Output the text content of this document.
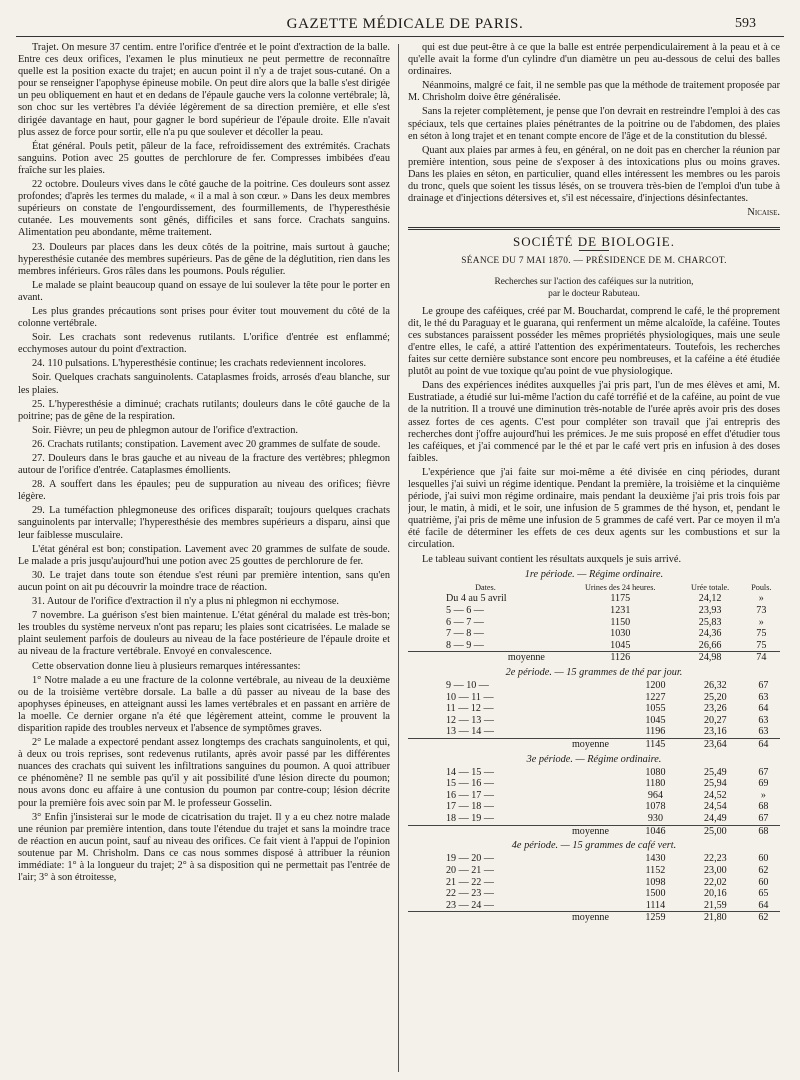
GAZETTE MÉDICALE DE PARIS.	593

Trajet. On mesure 37 centim. entre l'orifice d'entrée et le point d'extraction de la balle. Entre ces deux orifices, l'examen le plus minutieux ne peut permettre de reconnaître quelle est la position exacte du trajet; en aucun point il n'y a de trajet sous-cutané. On a pour se renseigner l'apophyse épineuse mobile. On peut dire alors que la balle s'est dirigée un peu obliquement en haut et en dedans de l'épaule gauche vers la colonne vertébrale; là, son choc sur les vertèbres l'a déviée légèrement de sa direction première, et elle s'est dirigée davantage en haut, pour gagner le bord supérieur de l'épaule droite. Elle n'avait plus assez de force pour sortir, elle n'a pu que soulever et décoller la peau.

État général. Pouls petit, pâleur de la face, refroidissement des extrémités. Crachats sanguins. Potion avec 25 gouttes de perchlorure de fer. Compresses imbibées d'eau fraîche sur les plaies.

22 octobre. Douleurs vives dans le côté gauche de la poitrine. Ces douleurs sont assez profondes; d'après les termes du malade, « il a mal à son cœur. » Dans les deux membres supérieurs on constate de l'engourdissement, des fourmillements, de l'hyperesthésie cutanée. Les mouvements sont gênés, difficiles et sans force. Crachats sanguins. Alimentation peu abondante, même traitement.

23. Douleurs par places dans les deux côtés de la poitrine, mais surtout à gauche; hyperesthésie cutanée des membres supérieurs. Pas de gêne de la déglutition, rien dans les membres inférieurs. Gros râles dans les poumons. Pouls régulier.

Le malade se plaint beaucoup quand on essaye de lui soulever la tête pour le porter en avant.

Les plus grandes précautions sont prises pour éviter tout mouvement du côté de la colonne vertébrale.

Soir. Les crachats sont redevenus rutilants. L'orifice d'entrée est enflammé; ecchymoses autour du point d'extraction.

24. 110 pulsations. L'hyperesthésie continue; les crachats redeviennent incolores.

Soir. Quelques crachats sanguinolents. Cataplasmes froids, arrosés d'eau blanche, sur les plaies.

25. L'hyperesthésie a diminué; crachats rutilants; douleurs dans le côté gauche de la poitrine; pas de gêne de la respiration.

Soir. Fièvre; un peu de phlegmon autour de l'orifice d'extraction.

26. Crachats rutilants; constipation. Lavement avec 20 grammes de sulfate de soude.

27. Douleurs dans le bras gauche et au niveau de la fracture des vertèbres; phlegmon autour de l'orifice d'entrée. Cataplasmes émollients.

28. A souffert dans les épaules; peu de suppuration au niveau des orifices; fièvre légère.

29. La tuméfaction phlegmoneuse des orifices disparaît; toujours quelques crachats sanguinolents par intervalle; l'hyperesthésie des membres supérieurs a disparu, ainsi que leur faiblesse musculaire.

L'état général est bon; constipation. Lavement avec 20 grammes de sulfate de soude. Le malade a pris jusqu'aujourd'hui une potion avec 25 gouttes de perchlorure de fer.

30. Le trajet dans toute son étendue s'est réuni par première intention, sans qu'en aucun point on ait pu découvrir la moindre trace de réaction.

31. Autour de l'orifice d'extraction il n'y a plus ni phlegmon ni ecchymose.

7 novembre. La guérison s'est bien maintenue. L'état général du malade est très-bon; les troubles du système nerveux n'ont pas reparu; les plaies sont cicatrisées. Le malade se plaint seulement parfois de douleurs au niveau de la face postérieure de l'épaule droite et au niveau de la fracture vertébrale. Envoyé en convalescence.

Cette observation donne lieu à plusieurs remarques intéressantes:

1° Notre malade a eu une fracture de la colonne vertébrale, au niveau de la deuxième ou de la troisième vertèbre dorsale. La balle a dû passer au niveau de la base des apophyses épineuses, en atteignant aussi les lames vertébrales et en passant en arrière de la moelle. Ce dernier organe n'a été que légèrement atteint, comme le prouvent la disparition rapide des troubles nerveux et l'absence de symptômes graves.

2° Le malade a expectoré pendant assez longtemps des crachats sanguinolents, et qui, à deux ou trois reprises, sont redevenus rutilants, après avoir passé par les différentes nuances des crachats qui suivent les infiltrations sanguines du poumon. A quoi attribuer ce phénomène? Il ne semble pas qu'il y ait possibilité d'une lésion directe du poumon; nous avons donc eu affaire à une contusion du poumon par contre-coup; lésion décrite pour la première fois avec soin par M. le professeur Gosselin.

3° Enfin j'insisterai sur le mode de cicatrisation du trajet. Il y a eu chez notre malade une réunion par première intention, dans toute l'étendue du trajet et sans la moindre trace de réaction en aucun point, sauf au niveau des orifices. Ce fait vient à l'appui de l'opinion soutenue par M. Chrisholm. Dans ce cas nous sommes disposé à attribuer la réunion immédiate: 1° à la longueur du trajet; 2° à sa disposition qui ne permettait pas l'entrée de l'air; 3° à son étroitesse,

qui est due peut-être à ce que la balle est entrée perpendiculairement à la peau et à ce qu'elle avait la forme d'un cylindre d'un diamètre un peu au-dessous de celui des balles ordinaires.

Néanmoins, malgré ce fait, il ne semble pas que la méthode de traitement proposée par M. Chrisholm doive être généralisée.

Sans la rejeter complètement, je pense que l'on devrait en restreindre l'emploi à des cas spéciaux, tels que certaines plaies pénétrantes de la poitrine ou de l'abdomen, des plaies en séton à long trajet et en tenant compte encore de l'âge et de la constitution du blessé.

Quant aux plaies par armes à feu, en général, on ne doit pas en chercher la réunion par première intention, sous peine de s'exposer à des intoxications plus ou moins graves. Dans les plaies en séton, en particulier, quand elles intéressent les membres ou les parois du tronc, quels que soient les tissus lésés, on se trouvera très-bien de l'emploi d'un tube à drainage et d'injections détersives et, s'il est nécessaire, d'injections désinfectantes.

Nicaise.
SOCIÉTÉ DE BIOLOGIE.
SÉANCE DU 7 MAI 1870. — PRÉSIDENCE DE M. CHARCOT.
Recherches sur l'action des caféiques sur la nutrition,
par le docteur Rabuteau.

Le groupe des caféiques, créé par M. Bouchardat, comprend le café, le thé proprement dit, le thé du Paraguay et le guarana, qui renferment un même alcaloïde, la caféine. Toutes ces substances paraissent posséder les mêmes propriétés physiologiques, mais une seule d'entre elles, le café, a attiré l'attention des expérimentateurs. Toutefois, les recherches faites sur cette dernière substance sont encore peu nombreuses, et la caféine a été étudiée plutôt au point de vue toxique qu'au point de vue physiologique.

Dans des expériences inédites auxquelles j'ai pris part, l'un de mes élèves et ami, M. Eustratiade, a étudié sur lui-même l'action du café torréfié et de la caféine, au point de vue de la nutrition. Il a trouvé une diminution très-notable de l'urée après avoir pris des doses assez fortes de ces agents. C'est pour compléter son travail que j'ai entrepris des recherches dont j'offre aujourd'hui les prémices. Je me suis proposé en effet d'étudier tous les caféiques, et j'ai commencé par le thé et par le café vert pris en infusion à des doses faibles.

L'expérience que j'ai faite sur moi-même a été divisée en cinq périodes, durant lesquelles j'ai suivi un régime identique. Pendant la première, la troisième et la cinquième période, j'ai suivi mon régime ordinaire, mais pendant la deuxième j'ai pris trois fois par jour, le matin, à midi, et le soir, une infusion de 5 grammes de thé hyson, et, pendant le quatrième, j'ai pris de même une infusion de 5 grammes de café vert. Par ce moyen il m'a été facile de déterminer les effets de ces deux agents sur les combustions et sur la circulation.

Le tableau suivant contient les résultats auxquels je suis arrivé.

1re période. — Régime ordinaire.
Dates.	Urines des 24 heures.	Urée totale.	Pouls.
Du 4 au 5 avril	1175	24,12	»
5 — 6 —	1231	23,93	73
6 — 7 —	1150	25,83	»
7 — 8 —	1030	24,36	75
8 — 9 —	1045	26,66	75
moyenne	1126	24,98	74
2e période. — 15 grammes de thé par jour.
9 — 10 —	1200	26,32	67
10 — 11 —	1227	25,20	63
11 — 12 —	1055	23,26	64
12 — 13 —	1045	20,27	63
13 — 14 —	1196	23,16	63
moyenne	1145	23,64	64
3e période. — Régime ordinaire.
14 — 15 —	1080	25,49	67
15 — 16 —	1180	25,94	69
16 — 17 —	964	24,52	»
17 — 18 —	1078	24,54	68
18 — 19 —	930	24,49	67
moyenne	1046	25,00	68
4e période. — 15 grammes de café vert.
19 — 20 —	1430	22,23	60
20 — 21 —	1152	23,00	62
21 — 22 —	1098	22,02	60
22 — 23 —	1500	20,16	65
23 — 24 —	1114	21,59	64
moyenne	1259	21,80	62
